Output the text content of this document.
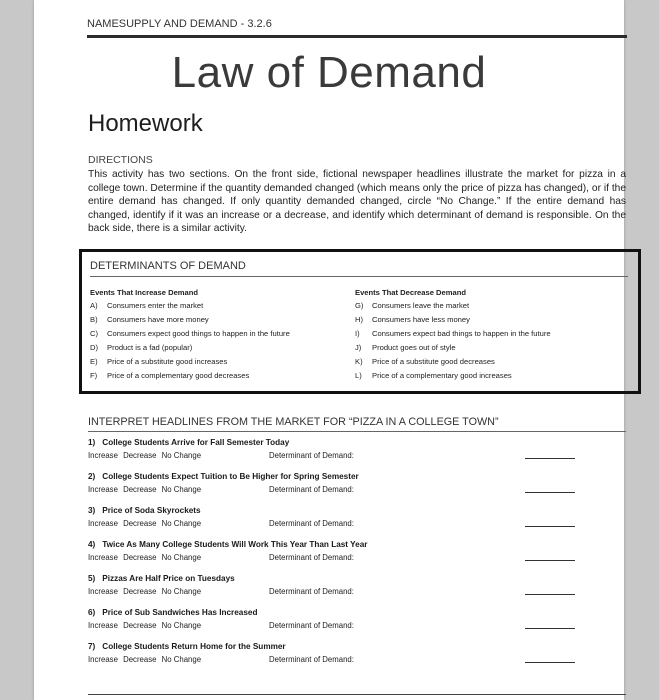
NAMESUPPLY AND DEMAND - 3.2.6
Law of Demand
Homework
DIRECTIONS
This activity has two sections. On the front side, fictional newspaper headlines illustrate the market for pizza in a college town. Determine if the quantity demanded changed (which means only the price of pizza has changed), or if the entire demand has changed. If only quantity demanded changed, circle “No Change.” If the entire demand has changed, identify if it was an increase or a decrease, and identify which determinant of demand is responsible. On the back side, there is a similar activity.
DETERMINANTS OF DEMAND
Events That Increase Demand
A)	Consumers enter the market
B)	Consumers have more money
C)	Consumers expect good things to happen in the future
D)	Product is a fad (popular)
E)	Price of a substitute good increases
F)	Price of a complementary good decreases
Events That Decrease Demand
G)	Consumers leave the market
H)	Consumers have less money
I)	Consumers expect bad things to happen in the future
J)	Product goes out of style
K)	Price of a substitute good decreases
L)	Price of a complementary good increases
INTERPRET HEADLINES FROM THE MARKET FOR “PIZZA IN A COLLEGE TOWN”
1) College Students Arrive for Fall Semester Today
Increase Decrease No Change	Determinant of Demand:
2) College Students Expect Tuition to Be Higher for Spring Semester
Increase Decrease No Change	Determinant of Demand:
3) Price of Soda Skyrockets
Increase Decrease No Change	Determinant of Demand:
4) Twice As Many College Students Will Work This Year Than Last Year
Increase Decrease No Change	Determinant of Demand:
5) Pizzas Are Half Price on Tuesdays
Increase Decrease No Change	Determinant of Demand:
6) Price of Sub Sandwiches Has Increased
Increase Decrease No Change	Determinant of Demand:
7) College Students Return Home for the Summer
Increase Decrease No Change	Determinant of Demand:
